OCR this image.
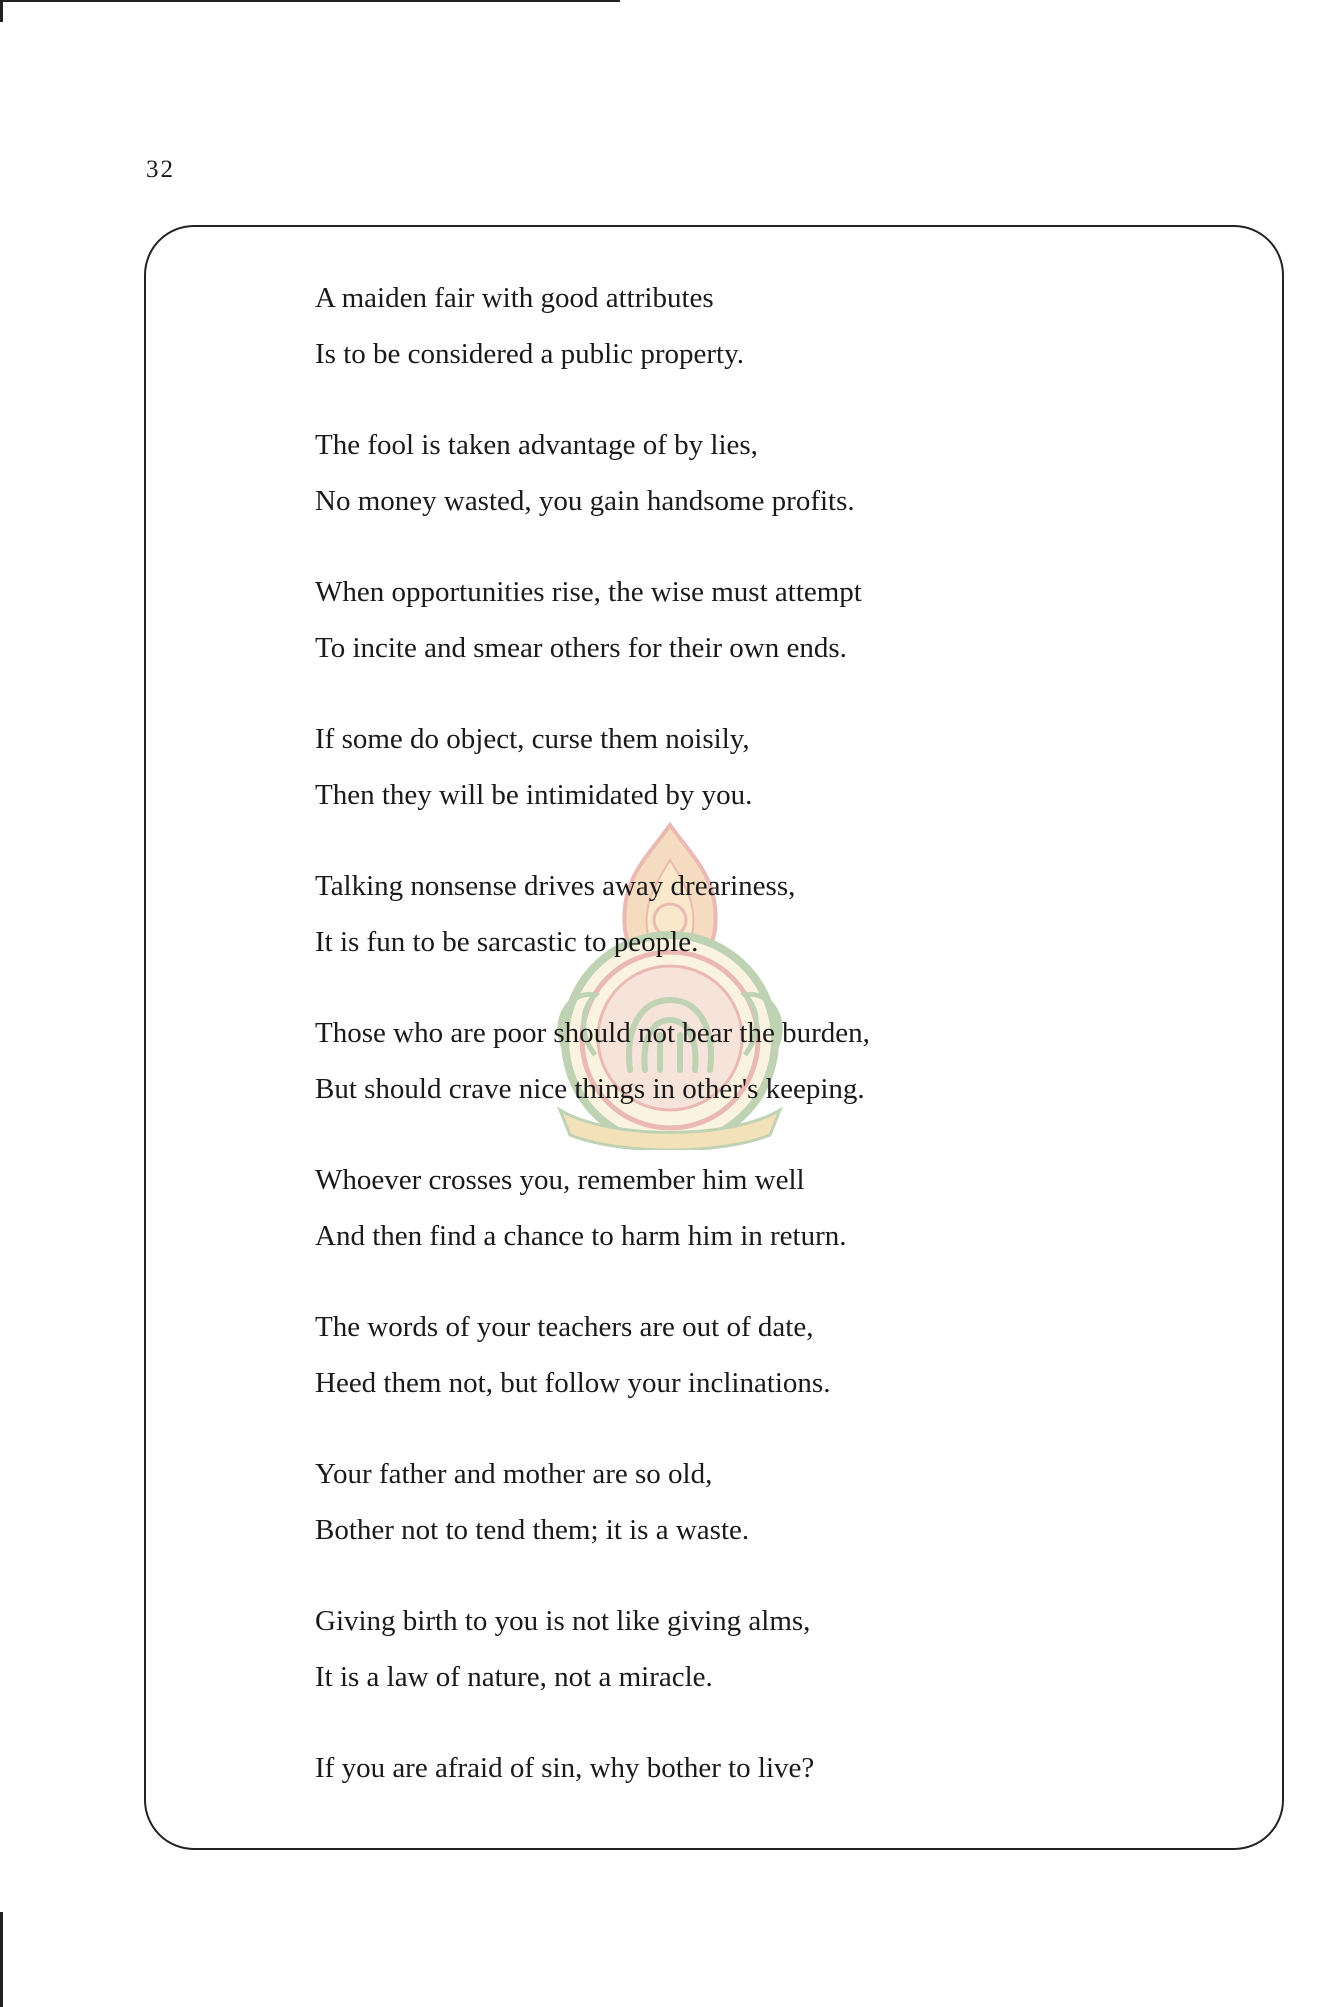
32
A maiden fair with good attributes
Is to be considered a public property.
The fool is taken advantage of by lies,
No money wasted, you gain handsome profits.
When opportunities rise, the wise must attempt
To incite and smear others for their own ends.
If some do object, curse them noisily,
Then they will be intimidated by you.
Talking nonsense drives away dreariness,
It is fun to be sarcastic to people.
Those who are poor should not bear the burden,
But should crave nice things in other's keeping.
Whoever crosses you, remember him well
And then find a chance to harm him in return.
The words of your teachers are out of date,
Heed them not, but follow your inclinations.
Your father and mother are so old,
Bother not to tend them; it is a waste.
Giving birth to you is not like giving alms,
It is a law of nature, not a miracle.
If you are afraid of sin, why bother to live?
